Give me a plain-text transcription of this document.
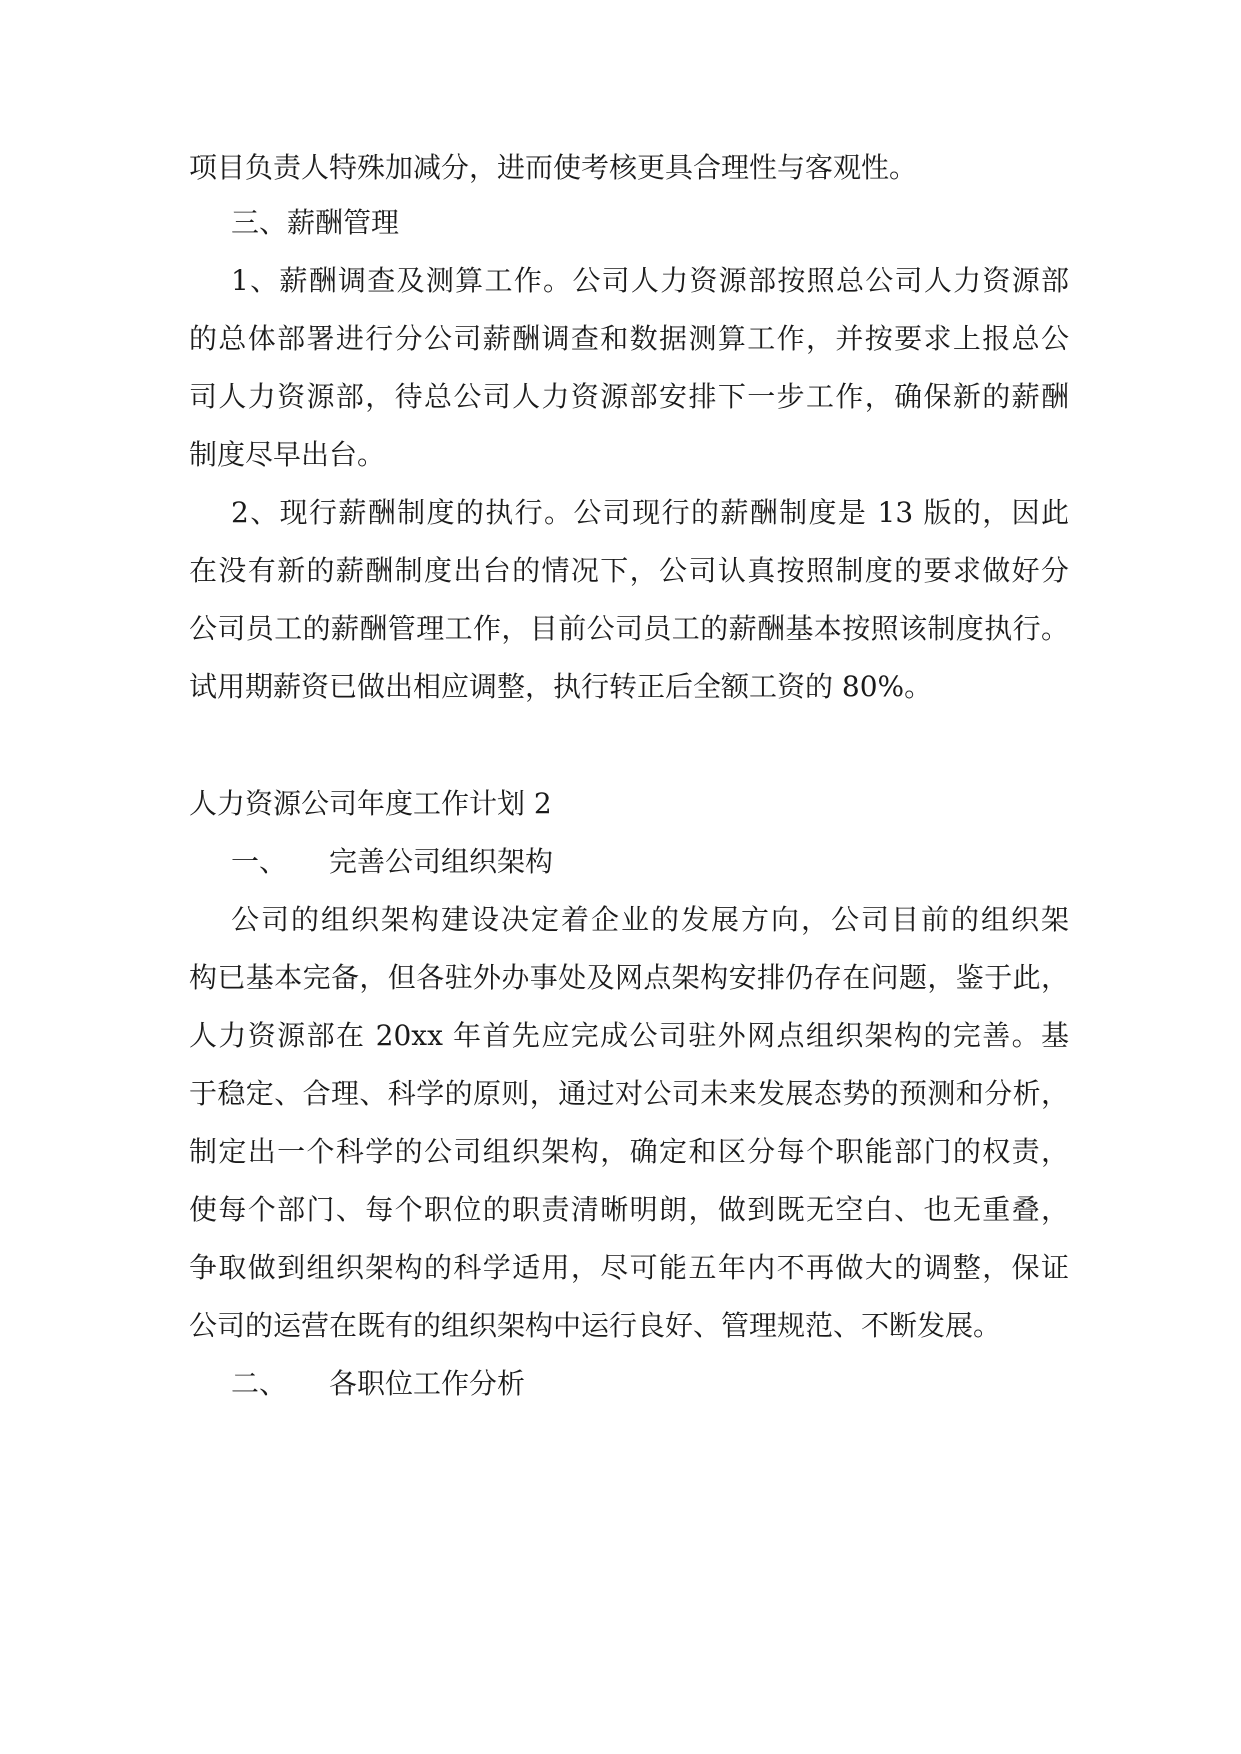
项目负责人特殊加减分，进而使考核更具合理性与客观性。
三、薪酬管理
1、薪酬调查及测算工作。公司人力资源部按照总公司人力资源部
的总体部署进行分公司薪酬调查和数据测算工作，并按要求上报总公
司人力资源部，待总公司人力资源部安排下一步工作，确保新的薪酬
制度尽早出台。
2、现行薪酬制度的执行。公司现行的薪酬制度是 13 版的，因此
在没有新的薪酬制度出台的情况下，公司认真按照制度的要求做好分
公司员工的薪酬管理工作，目前公司员工的薪酬基本按照该制度执行。
试用期薪资已做出相应调整，执行转正后全额工资的 80%。
人力资源公司年度工作计划 2
一、 完善公司组织架构
公司的组织架构建设决定着企业的发展方向，公司目前的组织架
构已基本完备，但各驻外办事处及网点架构安排仍存在问题，鉴于此，
人力资源部在 20xx 年首先应完成公司驻外网点组织架构的完善。基
于稳定、合理、科学的原则，通过对公司未来发展态势的预测和分析，
制定出一个科学的公司组织架构，确定和区分每个职能部门的权责，
使每个部门、每个职位的职责清晰明朗，做到既无空白、也无重叠，
争取做到组织架构的科学适用，尽可能五年内不再做大的调整，保证
公司的运营在既有的组织架构中运行良好、管理规范、不断发展。
二、 各职位工作分析
